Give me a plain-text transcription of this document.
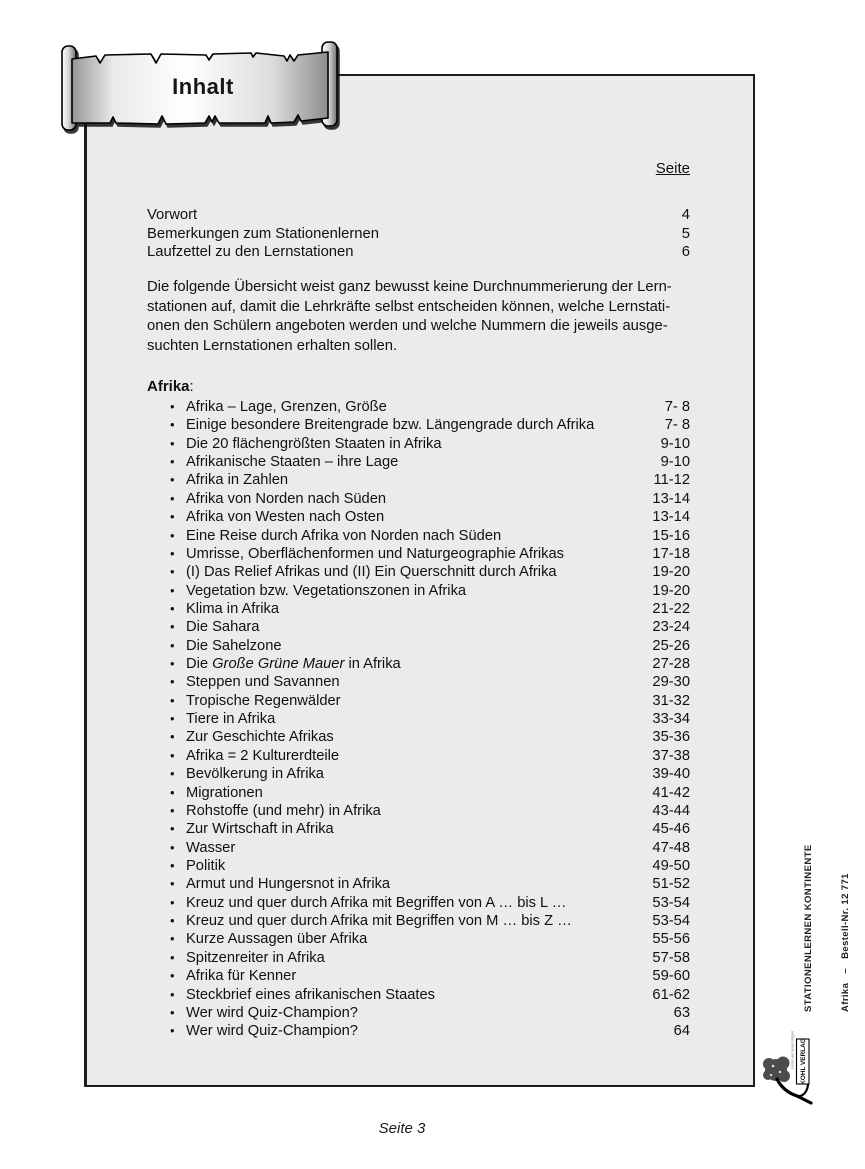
Seite
Vorwort	4
Bemerkungen zum Stationenlernen	5
Laufzettel zu den Lernstationen	6
Die folgende Übersicht weist ganz bewusst keine Durchnummerierung der Lern-
stationen auf, damit die Lehrkräfte selbst entscheiden können, welche Lernstati-
onen den Schülern angeboten werden und welche Nummern die jeweils ausge-
suchten Lernstationen erhalten sollen.
Afrika:
• Afrika – Lage, Grenzen, Größe	7- 8
• Einige besondere Breitengrade bzw. Längengrade durch Afrika	7- 8
• Die 20 flächengrößten Staaten in Afrika	9-10
• Afrikanische Staaten – ihre Lage	9-10
• Afrika in Zahlen	11-12
• Afrika von Norden nach Süden	13-14
• Afrika von Westen nach Osten	13-14
• Eine Reise durch Afrika von Norden nach Süden	15-16
• Umrisse, Oberflächenformen und Naturgeographie Afrikas	17-18
• (I) Das Relief Afrikas und (II) Ein Querschnitt durch Afrika	19-20
• Vegetation bzw. Vegetationszonen in Afrika	19-20
• Klima in Afrika	21-22
• Die Sahara	23-24
• Die Sahelzone	25-26
• Die Große Grüne Mauer in Afrika	27-28
• Steppen und Savannen	29-30
• Tropische Regenwälder	31-32
• Tiere in Afrika	33-34
• Zur Geschichte Afrikas	35-36
• Afrika = 2 Kulturerdteile	37-38
• Bevölkerung in Afrika	39-40
• Migrationen	41-42
• Rohstoffe (und mehr) in Afrika	43-44
• Zur Wirtschaft in Afrika	45-46
• Wasser	47-48
• Politik	49-50
• Armut und Hungersnot in Afrika	51-52
• Kreuz und quer durch Afrika mit Begriffen von A … bis L …	53-54
• Kreuz und quer durch Afrika mit Begriffen von M … bis Z …	53-54
• Kurze Aussagen über Afrika	55-56
• Spitzenreiter in Afrika	57-58
• Afrika für Kenner	59-60
• Steckbrief eines afrikanischen Staates	61-62
• Wer wird Quiz-Champion?	63
• Wer wird Quiz-Champion?	64
Inhalt

STATIONENLERNEN KONTINENTE

	Afrika   –   Bestell-Nr. 12 771

KOHL VERLAG
Lernen auf neuen Wegen
Seite 3
